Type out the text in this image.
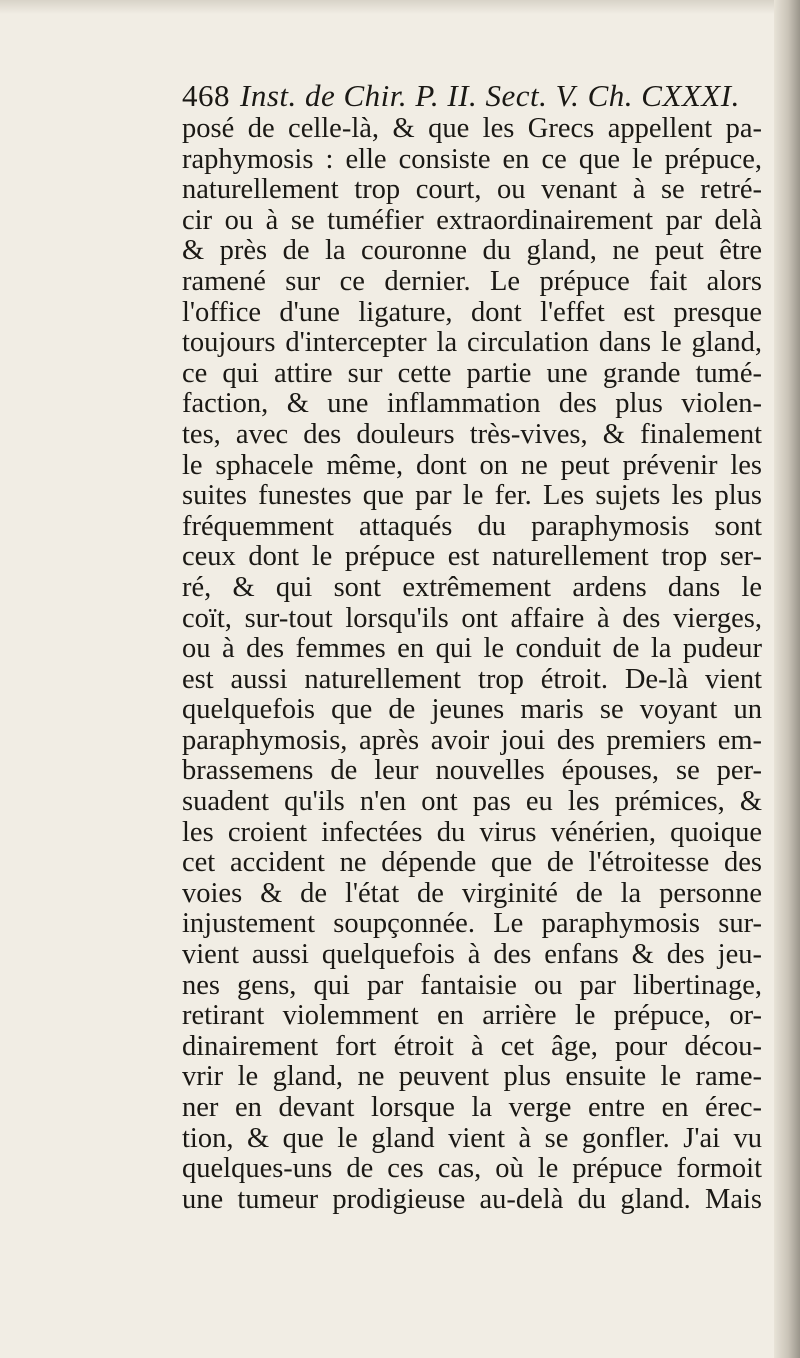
468 Inst. de Chir. P. II. Sect. V. Ch. CXXXI.
posé de celle-là, & que les Grecs appellent pa-
raphymosis : elle consiste en ce que le prépuce,
naturellement trop court, ou venant à se retré-
cir ou à se tuméfier extraordinairement par delà
& près de la couronne du gland, ne peut être
ramené sur ce dernier. Le prépuce fait alors
l'office d'une ligature, dont l'effet est presque
toujours d'intercepter la circulation dans le gland,
ce qui attire sur cette partie une grande tumé-
faction, & une inflammation des plus violen-
tes, avec des douleurs très-vives, & finalement
le sphacele même, dont on ne peut prévenir les
suites funestes que par le fer. Les sujets les plus
fréquemment attaqués du paraphymosis sont
ceux dont le prépuce est naturellement trop ser-
ré, & qui sont extrêmement ardens dans le
coït, sur-tout lorsqu'ils ont affaire à des vierges,
ou à des femmes en qui le conduit de la pudeur
est aussi naturellement trop étroit. De-là vient
quelquefois que de jeunes maris se voyant un
paraphymosis, après avoir joui des premiers em-
brassemens de leur nouvelles épouses, se per-
suadent qu'ils n'en ont pas eu les prémices, &
les croient infectées du virus vénérien, quoique
cet accident ne dépende que de l'étroitesse des
voies & de l'état de virginité de la personne
injustement soupçonnée. Le paraphymosis sur-
vient aussi quelquefois à des enfans & des jeu-
nes gens, qui par fantaisie ou par libertinage,
retirant violemment en arrière le prépuce, or-
dinairement fort étroit à cet âge, pour décou-
vrir le gland, ne peuvent plus ensuite le rame-
ner en devant lorsque la verge entre en érec-
tion, & que le gland vient à se gonfler. J'ai vu
quelques-uns de ces cas, où le prépuce formoit
une tumeur prodigieuse au-delà du gland. Mais
